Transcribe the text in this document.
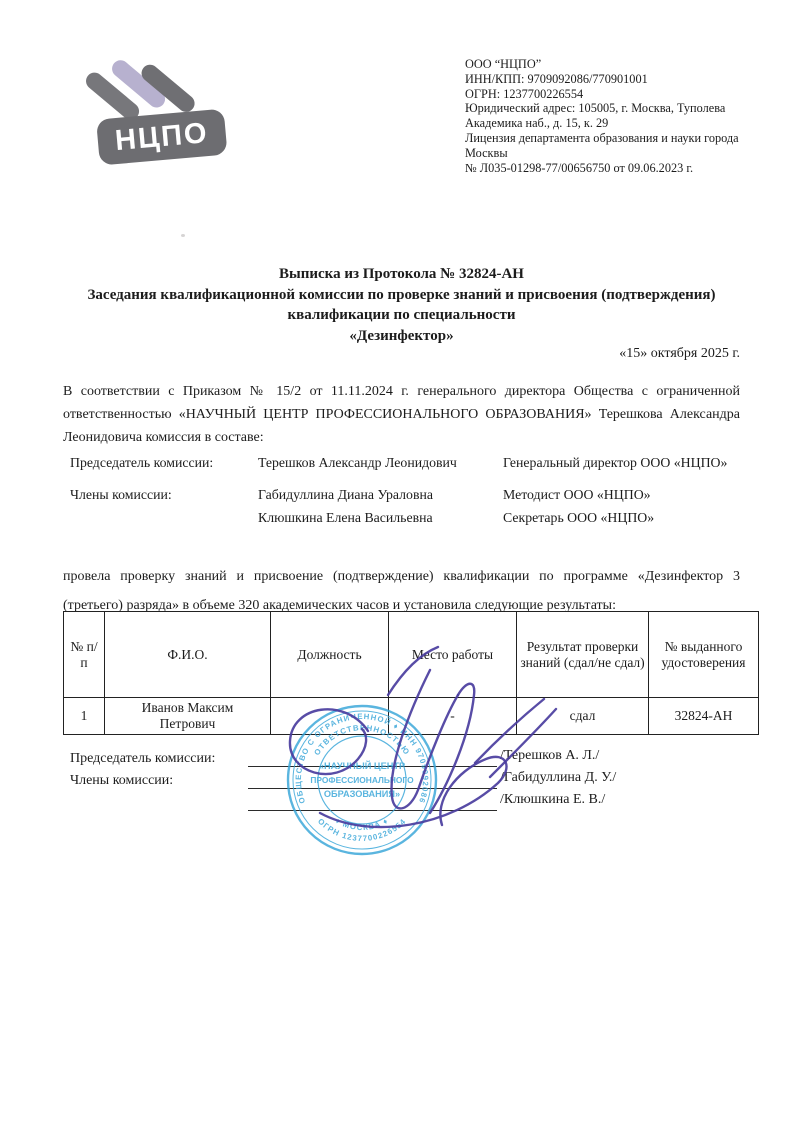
НЦПО
ООО “НЦПО”
ИНН/КПП: 9709092086/770901001
ОГРН: 1237700226554
Юридический адрес: 105005, г. Москва, Туполева
Академика наб., д. 15, к. 29
Лицензия департамента образования и науки города
Москвы
№ Л035-01298-77/00656750 от 09.06.2023 г.
Выписка из Протокола № 32824-АН
Заседания квалификационной комиссии по проверке знаний и присвоения (подтверждения)
квалификации по специальности
«Дезинфектор»
«15» октября 2025 г.
В соответствии с Приказом № 15/2 от 11.11.2024 г. генерального директора Общества с ограниченной ответственностью «НАУЧНЫЙ ЦЕНТР ПРОФЕССИОНАЛЬНОГО ОБРАЗОВАНИЯ» Терешкова Александра Леонидовича комиссия в составе:
Председатель комиссии:	Терешков Александр Леонидович	Генеральный директор ООО «НЦПО»
Члены комиссии:	Габидуллина Диана Ураловна	Методист ООО «НЦПО»
Клюшкина Елена Васильевна	Секретарь ООО «НЦПО»
провела проверку знаний и присвоение (подтверждение) квалификации по программе «Дезинфектор 3 (третьего) разряда» в объеме 320 академических часов и установила следующие результаты:
№ п/п	Ф.И.О.	Должность	Место работы	Результат проверки знаний (сдал/не сдал)	№ выданного удостоверения
1	Иванов Максим Петрович		-	сдал	32824-АН
Председатель комиссии:
Члены комиссии:
/Терешков А. Л./
/Габидуллина Д. У./
/Клюшкина Е. В./
ОБЩЕСТВО С ОГРАНИЧЕННОЙ ♦ ИНН 9709092086
ОТВЕТСТВЕННОСТЬЮ
ОГРН 1237700226554
♦ МОСКВА ♦
«НАУЧНЫЙ ЦЕНТР
ПРОФЕССИОНАЛЬНОГО
ОБРАЗОВАНИЯ»
